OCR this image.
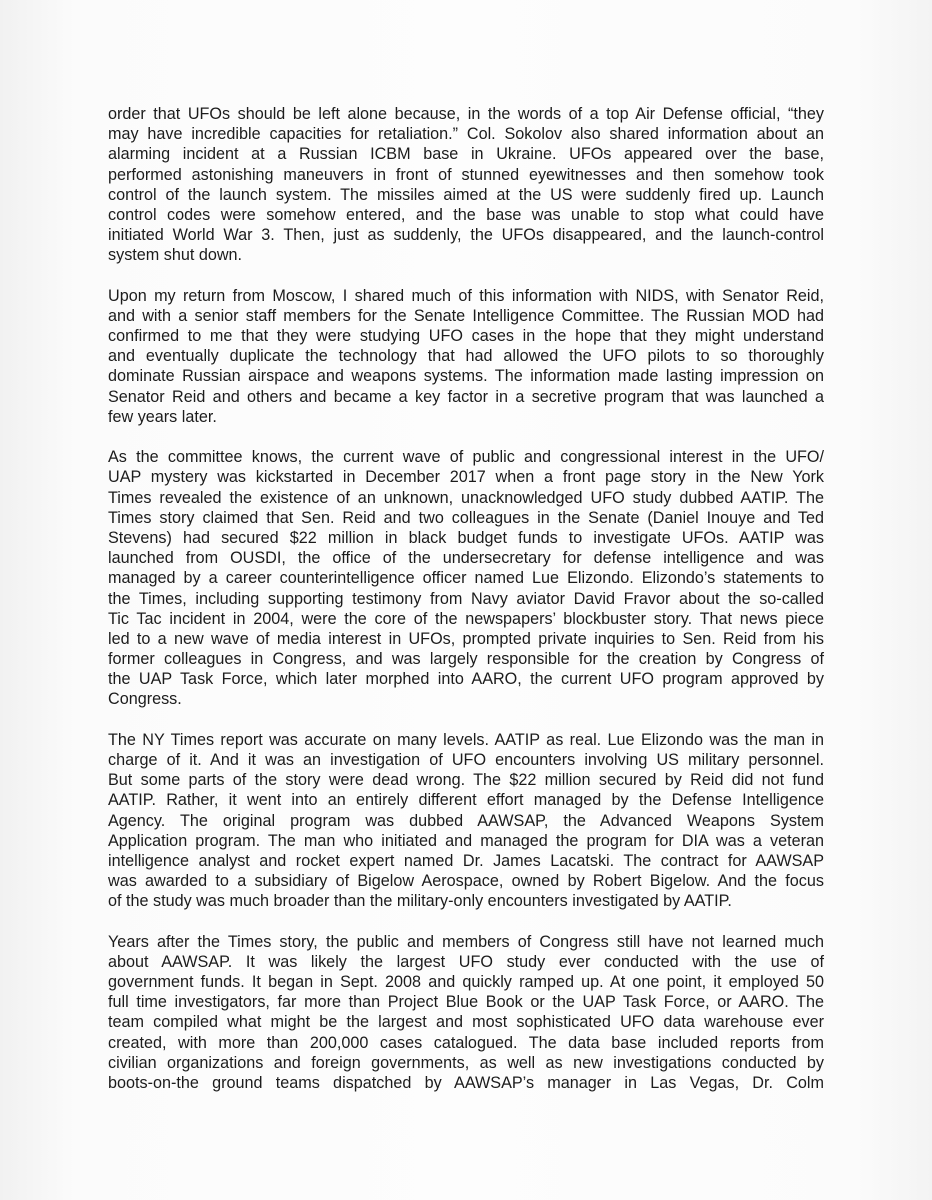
order that UFOs should be left alone because, in the words of a top Air Defense official, “they
may have incredible capacities for retaliation.” Col. Sokolov also shared information about an
alarming incident at a Russian ICBM base in Ukraine. UFOs appeared over the base,
performed astonishing maneuvers in front of stunned eyewitnesses and then somehow took
control of the launch system. The missiles aimed at the US were suddenly fired up. Launch
control codes were somehow entered, and the base was unable to stop what could have
initiated World War 3. Then, just as suddenly, the UFOs disappeared, and the launch-control
system shut down.
Upon my return from Moscow, I shared much of this information with NIDS, with Senator Reid,
and with a senior staff members for the Senate Intelligence Committee. The Russian MOD had
confirmed to me that they were studying UFO cases in the hope that they might understand
and eventually duplicate the technology that had allowed the UFO pilots to so thoroughly
dominate Russian airspace and weapons systems. The information made lasting impression on
Senator Reid and others and became a key factor in a secretive program that was launched a
few years later.
As the committee knows, the current wave of public and congressional interest in the UFO/
UAP mystery was kickstarted in December 2017 when a front page story in the New York
Times revealed the existence of an unknown, unacknowledged UFO study dubbed AATIP. The
Times story claimed that Sen. Reid and two colleagues in the Senate (Daniel Inouye and Ted
Stevens) had secured $22 million in black budget funds to investigate UFOs. AATIP was
launched from OUSDI, the office of the undersecretary for defense intelligence and was
managed by a career counterintelligence officer named Lue Elizondo. Elizondo’s statements to
the Times, including supporting testimony from Navy aviator David Fravor about the so-called
Tic Tac incident in 2004, were the core of the newspapers’ blockbuster story. That news piece
led to a new wave of media interest in UFOs, prompted private inquiries to Sen. Reid from his
former colleagues in Congress, and was largely responsible for the creation by Congress of
the UAP Task Force, which later morphed into AARO, the current UFO program approved by
Congress.
The NY Times report was accurate on many levels. AATIP as real. Lue Elizondo was the man in
charge of it. And it was an investigation of UFO encounters involving US military personnel.
But some parts of the story were dead wrong. The $22 million secured by Reid did not fund
AATIP. Rather, it went into an entirely different effort managed by the Defense Intelligence
Agency. The original program was dubbed AAWSAP, the Advanced Weapons System
Application program. The man who initiated and managed the program for DIA was a veteran
intelligence analyst and rocket expert named Dr. James Lacatski. The contract for AAWSAP
was awarded to a subsidiary of Bigelow Aerospace, owned by Robert Bigelow. And the focus
of the study was much broader than the military-only encounters investigated by AATIP.
Years after the Times story, the public and members of Congress still have not learned much
about AAWSAP. It was likely the largest UFO study ever conducted with the use of
government funds. It began in Sept. 2008 and quickly ramped up. At one point, it employed 50
full time investigators, far more than Project Blue Book or the UAP Task Force, or AARO. The
team compiled what might be the largest and most sophisticated UFO data warehouse ever
created, with more than 200,000 cases catalogued. The data base included reports from
civilian organizations and foreign governments, as well as new investigations conducted by
boots-on-the ground teams dispatched by AAWSAP’s manager in Las Vegas, Dr. Colm
